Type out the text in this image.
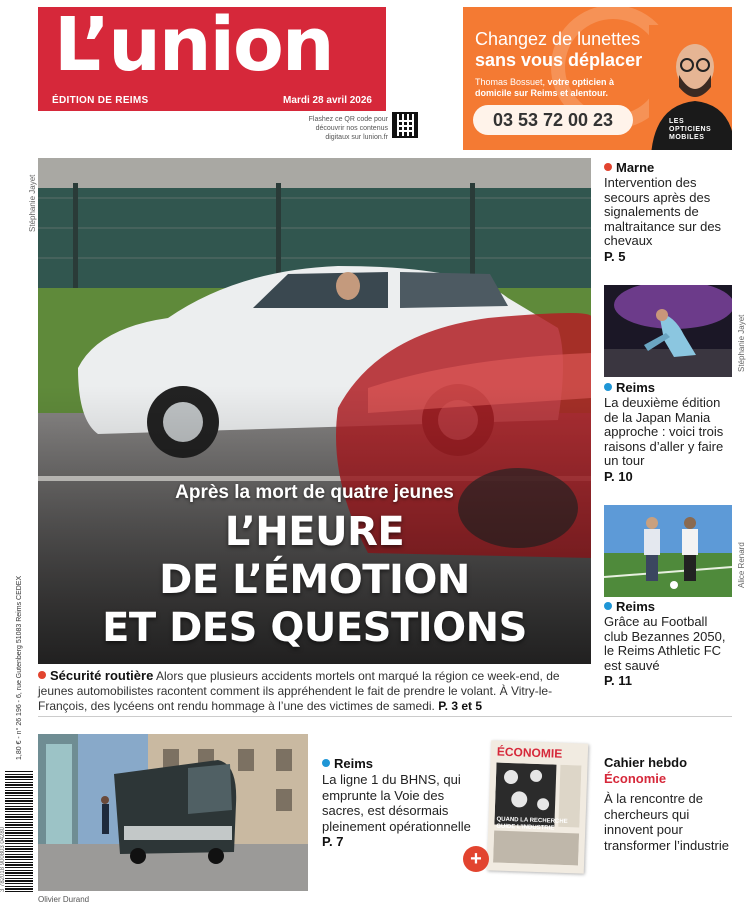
L’union
ÉDITION DE REIMS	Mardi 28 avril 2026
Flashez ce QR code pour découvrir nos contenus digitaux sur lunion.fr
Changez de lunettes
sans vous déplacer
Thomas Bossuet, votre opticien à domicile sur Reims et alentour.
03 53 72 00 23	LES
OPTICIENS
MOBILES
Stéphanie Jayet
Après la mort de quatre jeunes
L’HEURE
DE L’ÉMOTION
ET DES QUESTIONS
Sécurité routière Alors que plusieurs accidents mortels ont marqué la région ce week-end, de jeunes automobilistes racontent comment ils appréhendent le fait de prendre le volant. À Vitry-le-François, des lycéens ont rendu hommage à l’une des victimes de samedi. P. 3 et 5
Marne
Intervention des secours après des signalements de maltraitance sur des chevaux
P. 5
Stéphanie Jayet
Reims
La deuxième édition de la Japan Mania approche : voici trois raisons d’aller y faire un tour
P. 10
Alice Renard
Reims
Grâce au Football club Bezannes 2050, le Reims Athletic FC est sauvé
P. 11
1,80 € - n° 26 196 - 6, rue Gutenberg 51083 Reims CEDEX
3 782018 900803 04280
Olivier Durand
Reims
La ligne 1 du BHNS, qui emprunte la Voie des sacres, est désormais pleinement opérationnelle
P. 7
ÉCONOMIE
QUAND LA RECHERCHE GUIDE L’INDUSTRIE
+
Cahier hebdo
Économie
À la rencontre de chercheurs qui innovent pour transformer l’industrie
